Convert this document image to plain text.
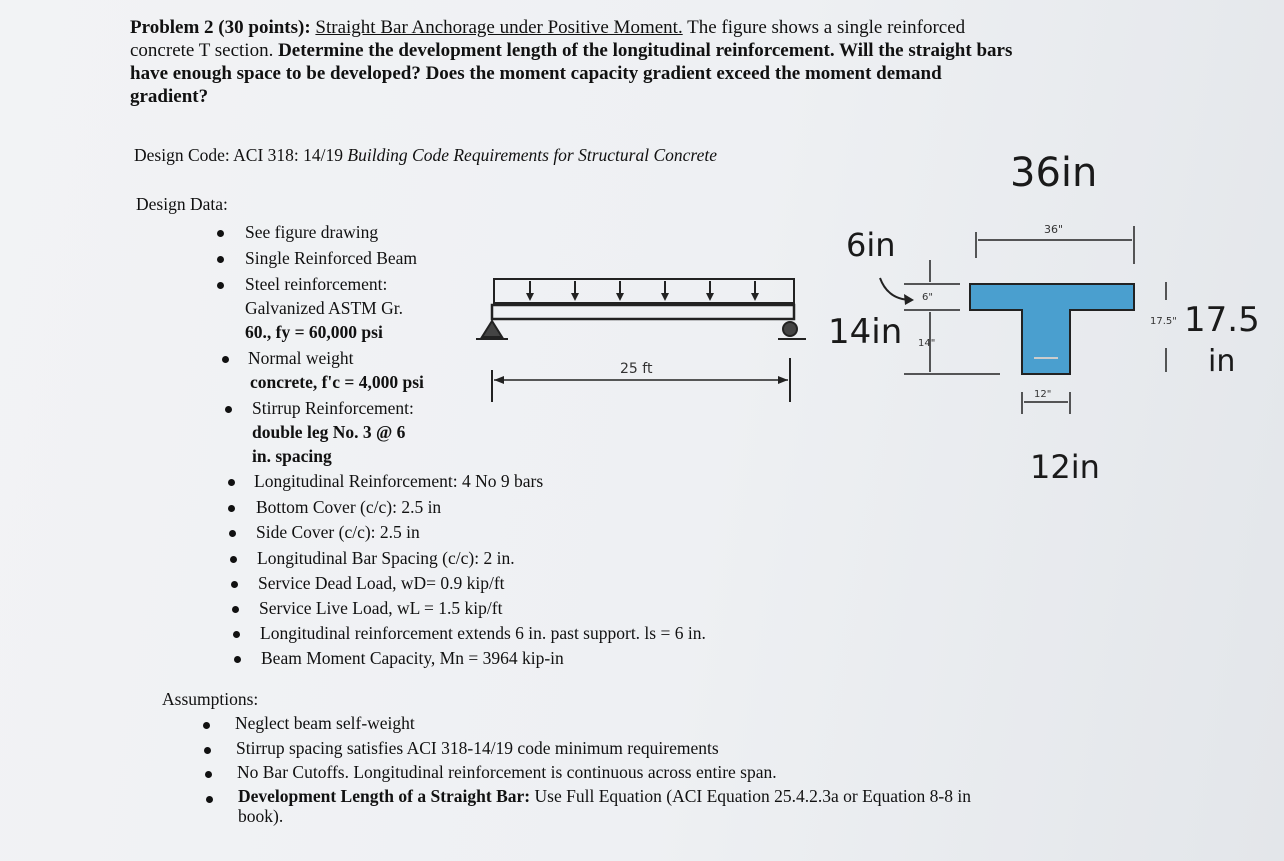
Problem 2 (30 points): Straight Bar Anchorage under Positive Moment. The figure shows a single reinforced
concrete T section. Determine the development length of the longitudinal reinforcement. Will the straight bars
have enough space to be developed? Does the moment capacity gradient exceed the moment demand
gradient?
Design Code: ACI 318: 14/19 Building Code Requirements for Structural Concrete
Design Data:
See figure drawing
Single Reinforced Beam
Steel reinforcement:
Galvanized ASTM Gr.
60., fy = 60,000 psi
Normal weight
concrete, f'c = 4,000 psi
Stirrup Reinforcement:
double leg No. 3 @ 6
in. spacing
Longitudinal Reinforcement: 4 No 9 bars
Bottom Cover (c/c): 2.5 in
Side Cover (c/c): 2.5 in
Longitudinal Bar Spacing (c/c): 2 in.
Service Dead Load, wD= 0.9 kip/ft
Service Live Load, wL = 1.5 kip/ft
Longitudinal reinforcement extends 6 in. past support. ls = 6 in.
Beam Moment Capacity, Mn = 3964 kip-in
Assumptions:
Neglect beam self-weight
Stirrup spacing satisfies ACI 318-14/19 code minimum requirements
No Bar Cutoffs. Longitudinal reinforcement is continuous across entire span.
Development Length of a Straight Bar: Use Full Equation (ACI Equation 25.4.2.3a or Equation 8-8 in
book).
25 ft
36"
6"
14"
17.5"
12"
36in
6in
14in	17.5
in
12in
